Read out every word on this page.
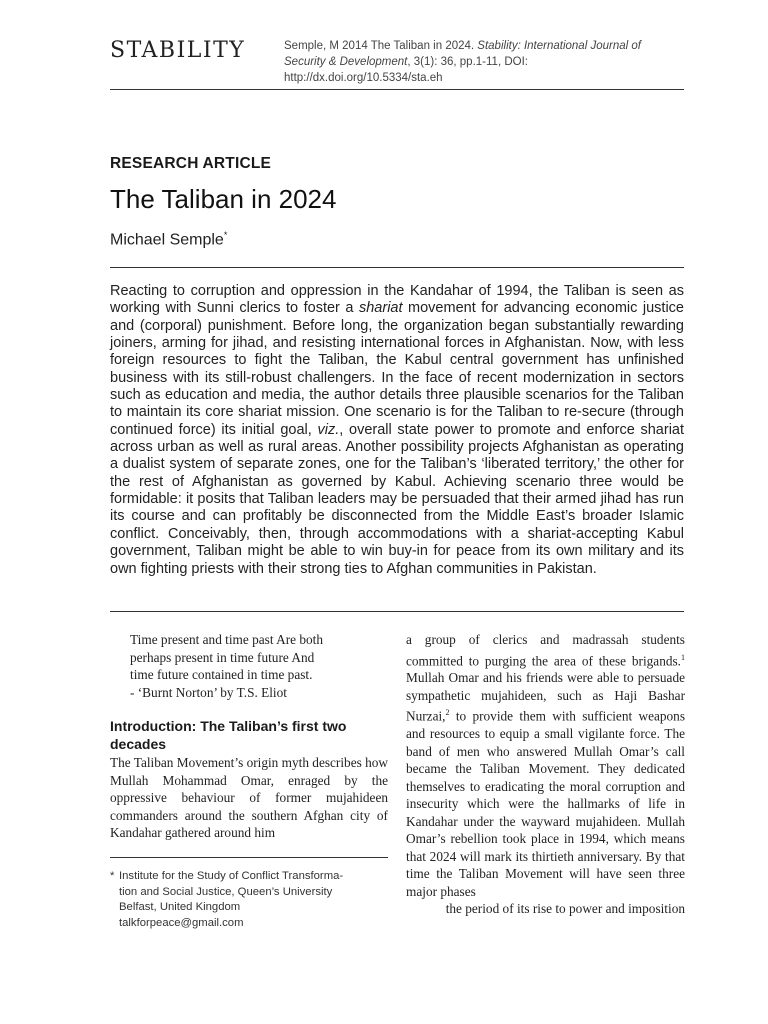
STABILITY	Semple, M 2014 The Taliban in 2024. Stability: International Journal of Security & Development, 3(1): 36, pp.1-11, DOI: http://dx.doi.org/10.5334/sta.eh
RESEARCH ARTICLE
The Taliban in 2024
Michael Semple*
Reacting to corruption and oppression in the Kandahar of 1994, the Taliban is seen as working with Sunni clerics to foster a shariat movement for advancing economic justice and (corporal) punishment. Before long, the organization began substantially rewarding joiners, arming for jihad, and resisting international forces in Afghanistan. Now, with less foreign resources to fight the Taliban, the Kabul central government has unfinished business with its still-robust challengers. In the face of recent modernization in sectors such as education and media, the author details three plausible scenarios for the Taliban to maintain its core shariat mission. One scenario is for the Taliban to re-secure (through continued force) its initial goal, viz., overall state power to promote and enforce shariat across urban as well as rural areas. Another possibility projects Afghanistan as operating a dualist system of separate zones, one for the Taliban’s ‘liberated territory,’ the other for the rest of Afghanistan as governed by Kabul. Achieving scenario three would be formidable: it posits that Taliban leaders may be persuaded that their armed jihad has run its course and can profitably be disconnected from the Middle East’s broader Islamic conflict. Conceivably, then, through accommodations with a shariat-accepting Kabul government, Taliban might be able to win buy-in for peace from its own military and its own fighting priests with their strong ties to Afghan communities in Pakistan.
Time present and time past Are both
perhaps present in time future And
time future contained in time past.
- ‘Burnt Norton’ by T.S. Eliot
Introduction: The Taliban’s first two decades
The Taliban Movement’s origin myth describes how Mullah Mohammad Omar, enraged by the oppressive behaviour of former mujahideen commanders around the southern Afghan city of Kandahar gathered around him
* Institute for the Study of Conflict Transforma-
tion and Social Justice, Queen’s University
Belfast, United Kingdom
talkforpeace@gmail.com
a group of clerics and madrassah students committed to purging the area of these brigands.$^1$ Mullah Omar and his friends were able to persuade sympathetic mujahideen, such as Haji Bashar Nurzai,$^2$ to provide them with sufficient weapons and resources to equip a small vigilante force. The band of men who answered Mullah Omar’s call became the Taliban Movement. They dedicated themselves to eradicating the moral corruption and insecurity which were the hallmarks of life in Kandahar under the wayward mujahideen. Mullah Omar’s rebellion took place in 1994, which means that 2024 will mark its thirtieth anniversary. By that time the Taliban Movement will have seen three major phases
the period of its rise to power and imposition
